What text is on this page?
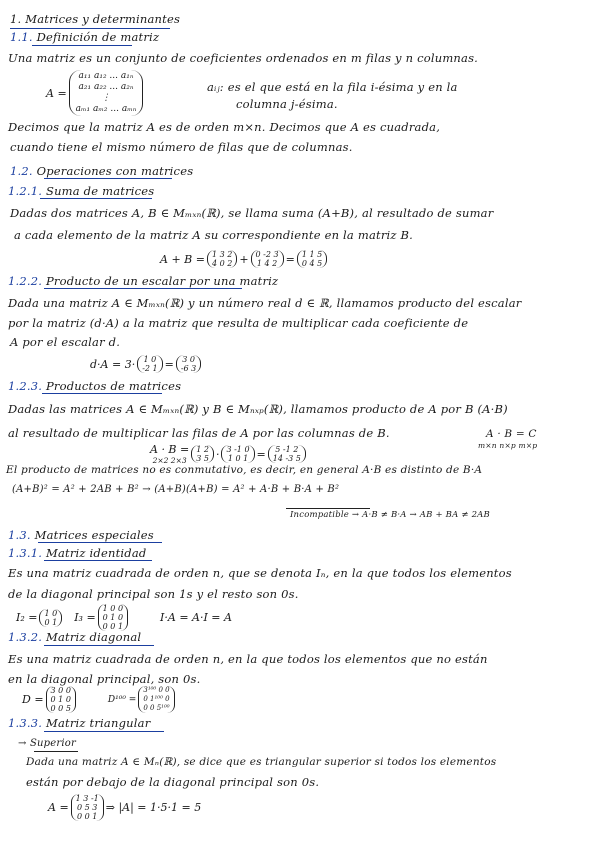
1. Matrices y determinantes
1.1. Definición de matriz
Una matriz es un conjunto de coeficientes ordenados en m filas y n columnas.
A =
a₁₁ a₁₂ ... a₁ₙ
a₂₁ a₂₂ ... a₂ₙ
⋮
aₘ₁ aₘ₂ ... aₘₙ
aᵢⱼ: es el que está en la fila i-ésima y en la
columna j-ésima.
Decimos que la matriz A es de orden m×n. Decimos que A es cuadrada,
cuando tiene el mismo número de filas que de columnas.
1.2. Operaciones con matrices
1.2.1. Suma de matrices
Dadas dos matrices A, B ∈ Mₘₓₙ(ℝ), se llama suma (A+B), al resultado de sumar
a cada elemento de la matriz A su correspondiente en la matriz B.
A + B = 1 3 2
4 0 2 + 0 -2 3
1 4 2 = 1 1 5
0 4 5
1.2.2. Producto de un escalar por una matriz
Dada una matriz A ∈ Mₘₓₙ(ℝ) y un número real d ∈ ℝ, llamamos producto del escalar
por la matriz (d·A) a la matriz que resulta de multiplicar cada coeficiente de
A por el escalar d.
d·A = 3· 1 0
-2 1 = 3 0
-6 3
1.2.3. Productos de matrices
Dadas las matrices A ∈ Mₘₓₙ(ℝ) y B ∈ Mₙₓₚ(ℝ), llamamos producto de A por B (A·B)
al resultado de multiplicar las filas de A por las columnas de B.	A · B = C
m×n n×p m×p
A · B =
2×2 2×3
1 2
3 5 · 3 -1 0
1 0 1 =	5 -1 2
14 -3 5
El producto de matrices no es conmutativo, es decir, en general A·B es distinto de B·A
(A+B)² = A² + 2AB + B² → (A+B)(A+B) = A² + A·B + B·A + B²
Incompatible → A·B ≠ B·A → AB + BA ≠ 2AB
1.3. Matrices especiales
1.3.1. Matriz identidad
Es una matriz cuadrada de orden n, que se denota Iₙ, en la que todos los elementos
de la diagonal principal son 1s y el resto son 0s.
I₂ = 1 0
0 1 I₃ =
1 0 0
0 1 0
0 0 1
I·A = A·I = A
1.3.2. Matriz diagonal
Es una matriz cuadrada de orden n, en la que todos los elementos que no están
en la diagonal principal, son 0s.
D =
3 0 0
0 1 0
0 0 5
D¹⁰⁰ =
3¹⁰⁰ 0 0
0 1¹⁰⁰ 0
0 0 5¹⁰⁰
1.3.3. Matriz triangular
→ Superior
Dada una matriz A ∈ Mₙ(ℝ), se dice que es triangular superior si todos los elementos
están por debajo de la diagonal principal son 0s.
A =
1 3 -1
0 5 3
0 0 1
⇒ |A| = 1·5·1 = 5
